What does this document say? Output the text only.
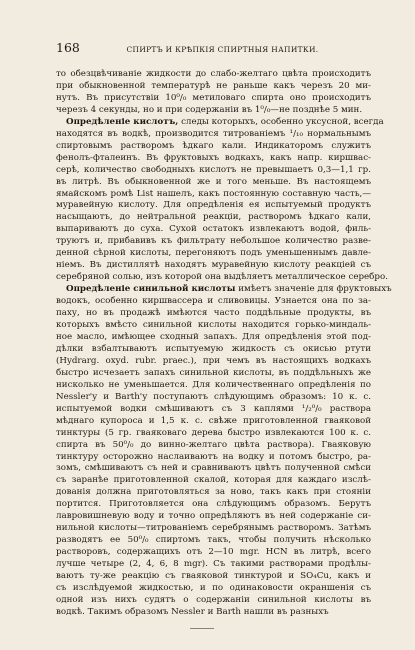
168	СПИРТЪ И КРѢПКІЯ СПИРТНЫЯ НАПИТКИ.
то обезцвѣчиваніе жидкости до слабо-желтаго цвѣта происходитъ
при обыкновенной температурѣ не раньше какъ черезъ 20 ми-
нутъ. Въ присутствіи 10⁰/₀ метиловаго спирта оно происходитъ
черезъ 4 секунды, но и при содержаніи въ 1⁰/₀—не позднѣе 5 мин.
Опредѣленіе кислотъ, следы которыхъ, особенно уксусной, всегда
находятся въ водкѣ, производится титрованіемъ ¹/₁₀ нормальнымъ
спиртовымъ растворомъ ѣдкаго кали. Индикаторомъ служитъ
фенолъ-фталеинъ. Въ фруктовыхъ водкахъ, какъ напр. киршвас-
серѣ, количество свободныхъ кислотъ не превышаетъ 0,3—1,1 гр.
въ литрѣ. Въ обыкновенной же и того меньше. Въ настоящемъ
ямайскомъ ромѣ List нашелъ, какъ постоянную составную часть,—
муравейную кислоту. Для опредѣленія ея испытуемый продуктъ
насыщаютъ, до нейтральной реакціи, растворомъ ѣдкаго кали,
выпариваютъ до суха. Сухой остатокъ извлекаютъ водой, филь-
труютъ и, прибавивъ къ фильтрату небольшое количество разве-
денной сѣрной кислоты, перегоняютъ подъ уменьшеннымъ давле-
ніемъ. Въ дистиллятѣ находятъ муравейную кислоту реакціей съ
серебряной солью, изъ которой она выдѣляетъ металлическое серебро.
Опредѣленіе синильной кислоты имѣетъ значеніе для фруктовыхъ
водокъ, особенно киршвассера и сливовицы. Узнается она по за-
паху, но въ продажѣ имѣются часто поддѣльные продукты, въ
которыхъ вмѣсто синильной кислоты находится горько-миндаль-
ное масло, имѣющее сходный запахъ. Для опредѣленія этой под-
дѣлки взбалтываютъ испытуемую жидкость съ окисью ртути
(Hydrarg. oxyd. rubr. praec.), при чемъ въ настоящихъ водкахъ
быстро исчезаетъ запахъ синильной кислоты, въ поддѣльныхъ же
нисколько не уменьшается. Для количественнаго опредѣленія по
Nessler'у и Barth'у поступаютъ слѣдующимъ образомъ: 10 к. с.
испытуемой водки смѣшиваютъ съ 3 каплями ¹/₂⁰/₀ раствора
мѣднаго купороса и 1,5 к. с. свѣже приготовленной гваяковой
тинктуры (5 гр. гваяковаго дерева быстро извлекаются 100 к. с.
спирта въ 50⁰/₀ до винно-желтаго цвѣта раствора). Гваяковую
тинктуру осторожно наслаиваютъ на водку и потомъ быстро, ра-
зомъ, смѣшиваютъ съ ней и сравниваютъ цвѣтъ полученной смѣси
съ заранѣе приготовленной скалой, которая для каждаго изслѣ-
дованія должна приготовляться за ново, такъ какъ при стояніи
портится. Приготовляется она слѣдующимъ образомъ. Берутъ
лавровишневую воду и точно опредѣляютъ въ ней содержаніе си-
нильной кислоты—титрованіемъ серебрянымъ растворомъ. Затѣмъ
разводятъ ее 50⁰/₀ спиртомъ такъ, чтобы получить нѣсколько
растворовъ, содержащихъ отъ 2—10 mgr. HCN въ литрѣ, всего
лучше четыре (2, 4, 6, 8 mgr). Съ такими растворами продѣлы-
ваютъ ту-же реакцію съ гваяковой тинктурой и SO₄Cu, какъ и
съ изслѣдуемой жидкостью, и по одинаковости окраншенія съ
одной изъ нихъ судятъ о содержаніи синильной кислоты въ
водкѣ. Такимъ образомъ Nessler и Barth нашли въ разныхъ
